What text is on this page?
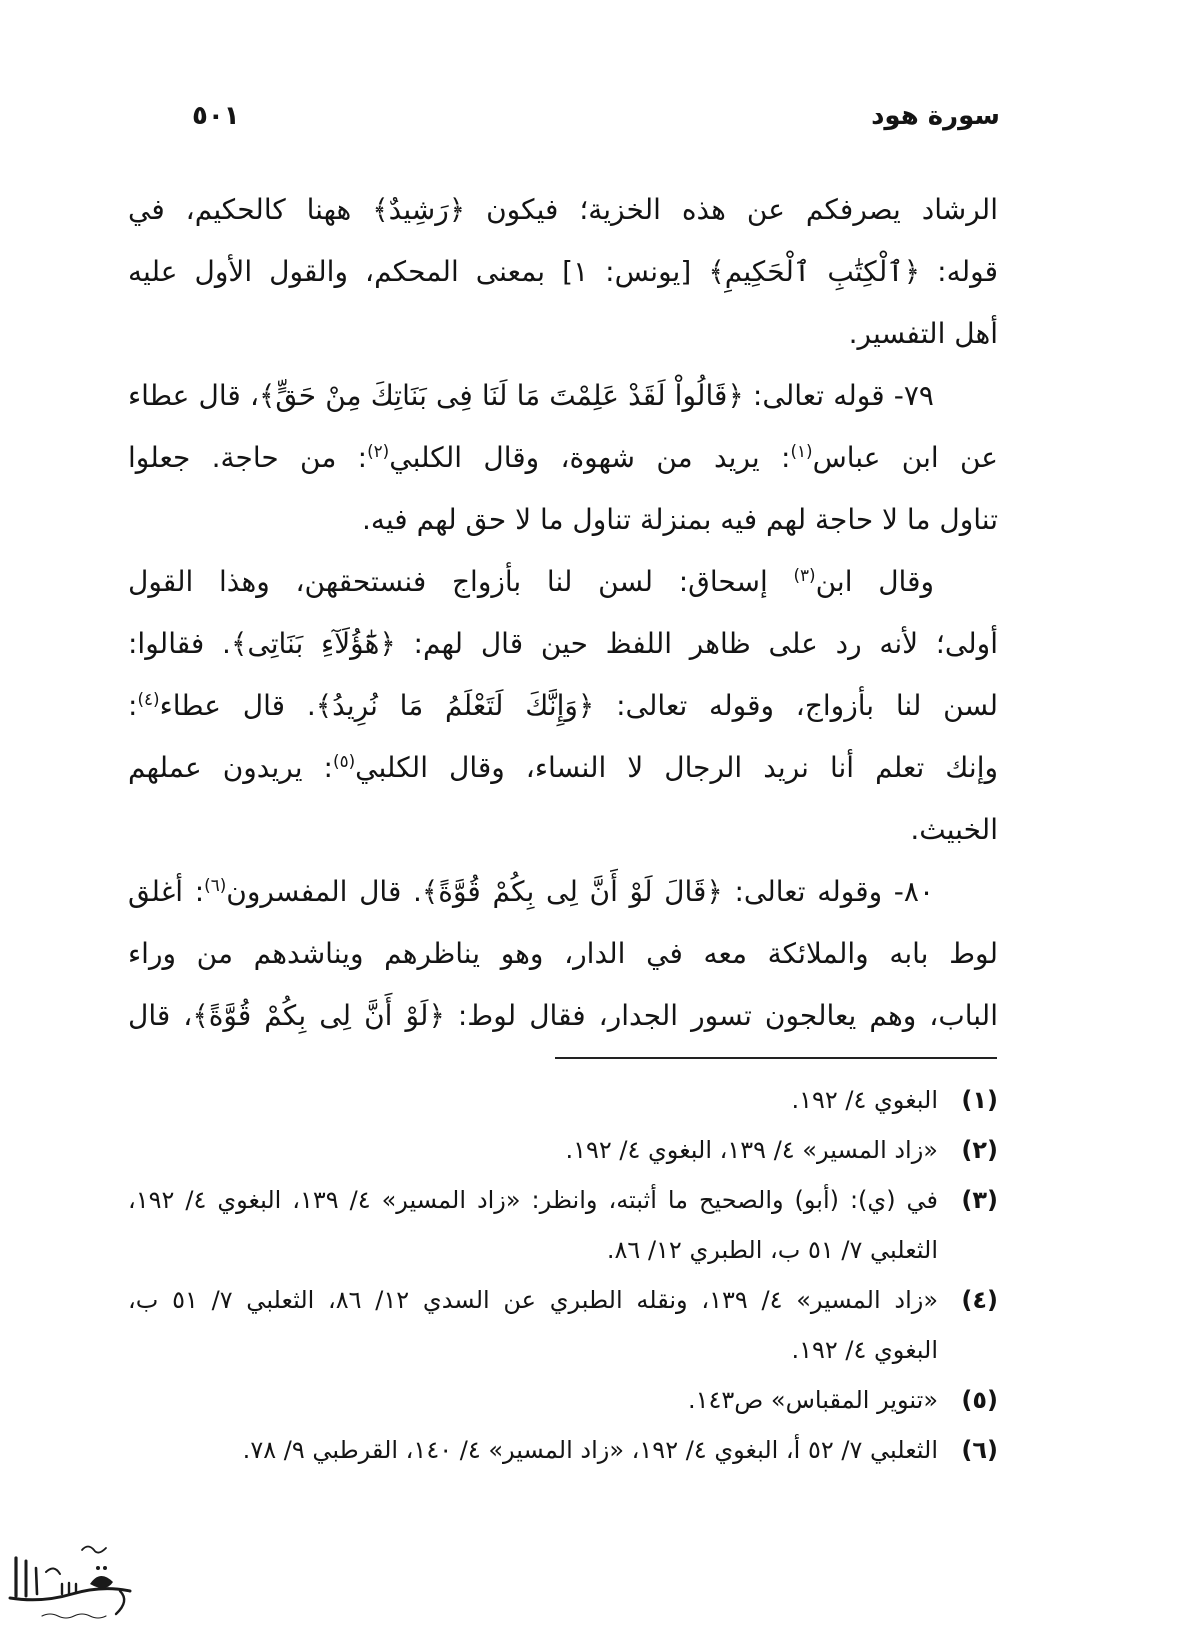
سورة هود
٥٠١
الرشاد يصرفكم عن هذه الخزية؛ فيكون ﴿رَشِيدٌ﴾ ههنا كالحكيم، في
قوله: ﴿ٱلْكِتَٰبِ ٱلْحَكِيمِ﴾ [يونس: ١] بمعنى المحكم، والقول الأول عليه
أهل التفسير.
٧٩- قوله تعالى: ﴿قَالُواْ لَقَدْ عَلِمْتَ مَا لَنَا فِى بَنَاتِكَ مِنْ حَقٍّ﴾، قال عطاء
عن ابن عباس$^{(١)}$: يريد من شهوة، وقال الكلبي$^{(٢)}$: من حاجة. جعلوا
تناول ما لا حاجة لهم فيه بمنزلة تناول ما لا حق لهم فيه.
وقال ابن$^{(٣)}$ إسحاق: لسن لنا بأزواج فنستحقهن، وهذا القول
أولى؛ لأنه رد على ظاهر اللفظ حين قال لهم: ﴿هَٰٓؤُلَآءِ بَنَاتِى﴾. فقالوا:
لسن لنا بأزواج، وقوله تعالى: ﴿وَإِنَّكَ لَتَعْلَمُ مَا نُرِيدُ﴾. قال عطاء$^{(٤)}$:
وإنك تعلم أنا نريد الرجال لا النساء، وقال الكلبي$^{(٥)}$: يريدون عملهم
الخبيث.
٨٠- وقوله تعالى: ﴿قَالَ لَوْ أَنَّ لِى بِكُمْ قُوَّةً﴾. قال المفسرون$^{(٦)}$: أغلق
لوط بابه والملائكة معه في الدار، وهو يناظرهم ويناشدهم من وراء
الباب، وهم يعالجون تسور الجدار، فقال لوط: ﴿لَوْ أَنَّ لِى بِكُمْ قُوَّةً﴾، قال
(١)
البغوي ٤/ ١٩٢.
(٢)
«زاد المسير» ٤/ ١٣٩، البغوي ٤/ ١٩٢.
(٣)
في (ي): (أبو) والصحيح ما أثبته، وانظر: «زاد المسير» ٤/ ١٣٩، البغوي ٤/ ١٩٢،
الثعلبي ٧/ ٥١ ب، الطبري ١٢/ ٨٦.
(٤)
«زاد المسير» ٤/ ١٣٩، ونقله الطبري عن السدي ١٢/ ٨٦، الثعلبي ٧/ ٥١ ب،
البغوي ٤/ ١٩٢.
(٥)
«تنوير المقباس» ص١٤٣.
(٦)
الثعلبي ٧/ ٥٢ أ، البغوي ٤/ ١٩٢، «زاد المسير» ٤/ ١٤٠، القرطبي ٩/ ٧٨.
